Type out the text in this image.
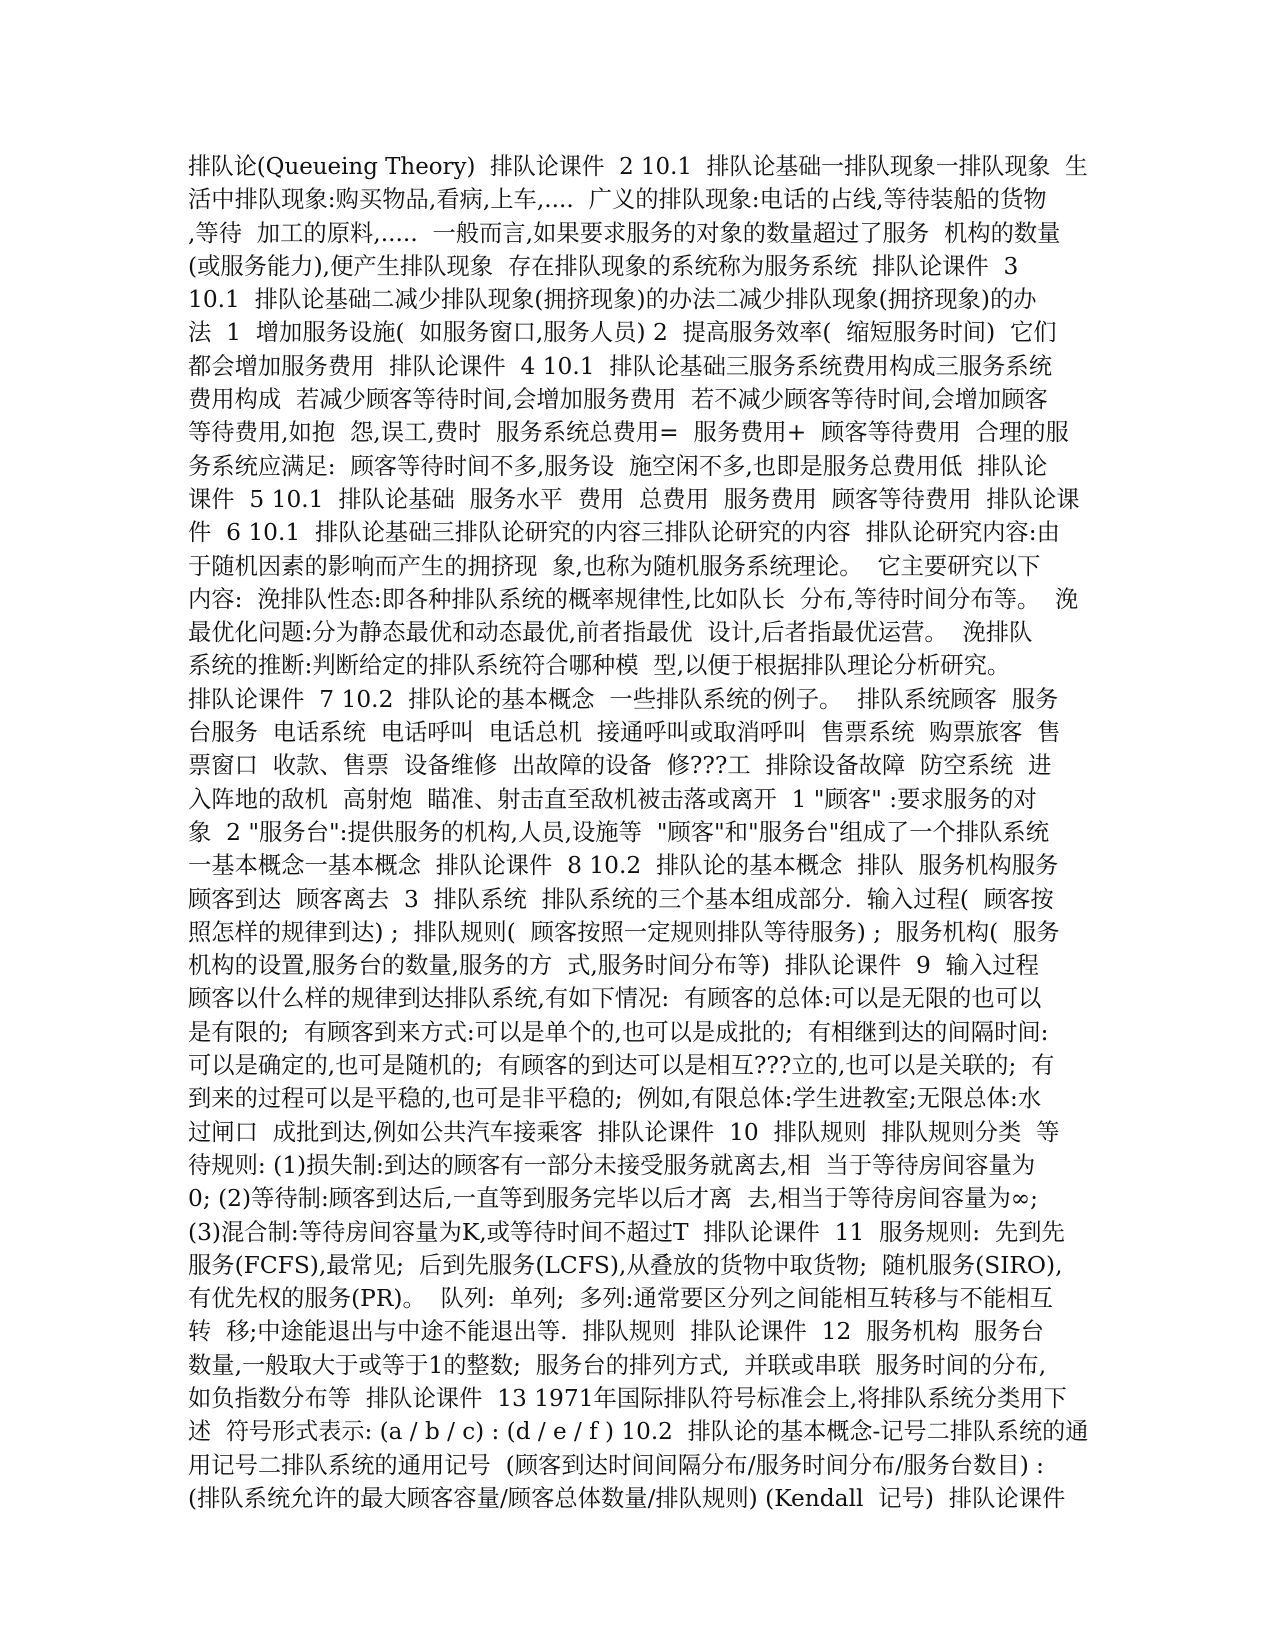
排队论(Queueing Theory)  排队论课件  2 10.1  排队论基础一排队现象一排队现象  生
活中排队现象:购买物品,看病,上车,....  广义的排队现象:电话的占线,等待装船的货物
,等待  加工的原料,.....  一般而言,如果要求服务的对象的数量超过了服务  机构的数量
(或服务能力),便产生排队现象  存在排队现象的系统称为服务系统  排队论课件  3
10.1  排队论基础二减少排队现象(拥挤现象)的办法二减少排队现象(拥挤现象)的办
法  1  增加服务设施(  如服务窗口,服务人员) 2  提高服务效率(  缩短服务时间)  它们
都会增加服务费用  排队论课件  4 10.1  排队论基础三服务系统费用构成三服务系统
费用构成  若减少顾客等待时间,会增加服务费用  若不减少顾客等待时间,会增加顾客
等待费用,如抱  怨,误工,费时  服务系统总费用=  服务费用+  顾客等待费用  合理的服
务系统应满足:  顾客等待时间不多,服务设  施空闲不多,也即是服务总费用低  排队论
课件  5 10.1  排队论基础  服务水平  费用  总费用  服务费用  顾客等待费用  排队论课
件  6 10.1  排队论基础三排队论研究的内容三排队论研究的内容  排队论研究内容:由
于随机因素的影响而产生的拥挤现  象,也称为随机服务系统理论。  它主要研究以下
内容:  浼排队性态:即各种排队系统的概率规律性,比如队长  分布,等待时间分布等。  浼
最优化问题:分为静态最优和动态最优,前者指最优  设计,后者指最优运营。  浼排队
系统的推断:判断给定的排队系统符合哪种模  型,以便于根据排队理论分析研究。
排队论课件  7 10.2  排队论的基本概念  一些排队系统的例子。  排队系统顾客  服务
台服务  电话系统  电话呼叫  电话总机  接通呼叫或取消呼叫  售票系统  购票旅客  售
票窗口  收款、售票  设备维修  出故障的设备  修???工  排除设备故障  防空系统  进
入阵地的敌机  高射炮  瞄准、射击直至敌机被击落或离开  1 "顾客" :要求服务的对
象  2 "服务台":提供服务的机构,人员,设施等  "顾客"和"服务台"组成了一个排队系统
一基本概念一基本概念  排队论课件  8 10.2  排队论的基本概念  排队  服务机构服务
顾客到达  顾客离去  3  排队系统  排队系统的三个基本组成部分.  输入过程(  顾客按
照怎样的规律到达) ;  排队规则(  顾客按照一定规则排队等待服务) ;  服务机构(  服务
机构的设置,服务台的数量,服务的方  式,服务时间分布等)  排队论课件  9  输入过程
顾客以什么样的规律到达排队系统,有如下情况:  有顾客的总体:可以是无限的也可以
是有限的;  有顾客到来方式:可以是单个的,也可以是成批的;  有相继到达的间隔时间:
可以是确定的,也可是随机的;  有顾客的到达可以是相互???立的,也可以是关联的;  有
到来的过程可以是平稳的,也可是非平稳的;  例如,有限总体:学生进教室;无限总体:水
过闸口  成批到达,例如公共汽车接乘客  排队论课件  10  排队规则  排队规则分类  等
待规则: (1)损失制:到达的顾客有一部分未接受服务就离去,相  当于等待房间容量为
0; (2)等待制:顾客到达后,一直等到服务完毕以后才离  去,相当于等待房间容量为∞;
(3)混合制:等待房间容量为K,或等待时间不超过T  排队论课件  11  服务规则:  先到先
服务(FCFS),最常见;  后到先服务(LCFS),从叠放的货物中取货物;  随机服务(SIRO),
有优先权的服务(PR)。  队列:  单列;  多列:通常要区分列之间能相互转移与不能相互
转  移;中途能退出与中途不能退出等.  排队规则  排队论课件  12  服务机构  服务台
数量,一般取大于或等于1的整数;  服务台的排列方式,  并联或串联  服务时间的分布,
如负指数分布等  排队论课件  13 1971年国际排队符号标准会上,将排队系统分类用下
述  符号形式表示: (a / b / c) : (d / e / f ) 10.2  排队论的基本概念-记号二排队系统的通
用记号二排队系统的通用记号  (顾客到达时间间隔分布/服务时间分布/服务台数目) :
(排队系统允许的最大顾客容量/顾客总体数量/排队规则) (Kendall  记号)  排队论课件
